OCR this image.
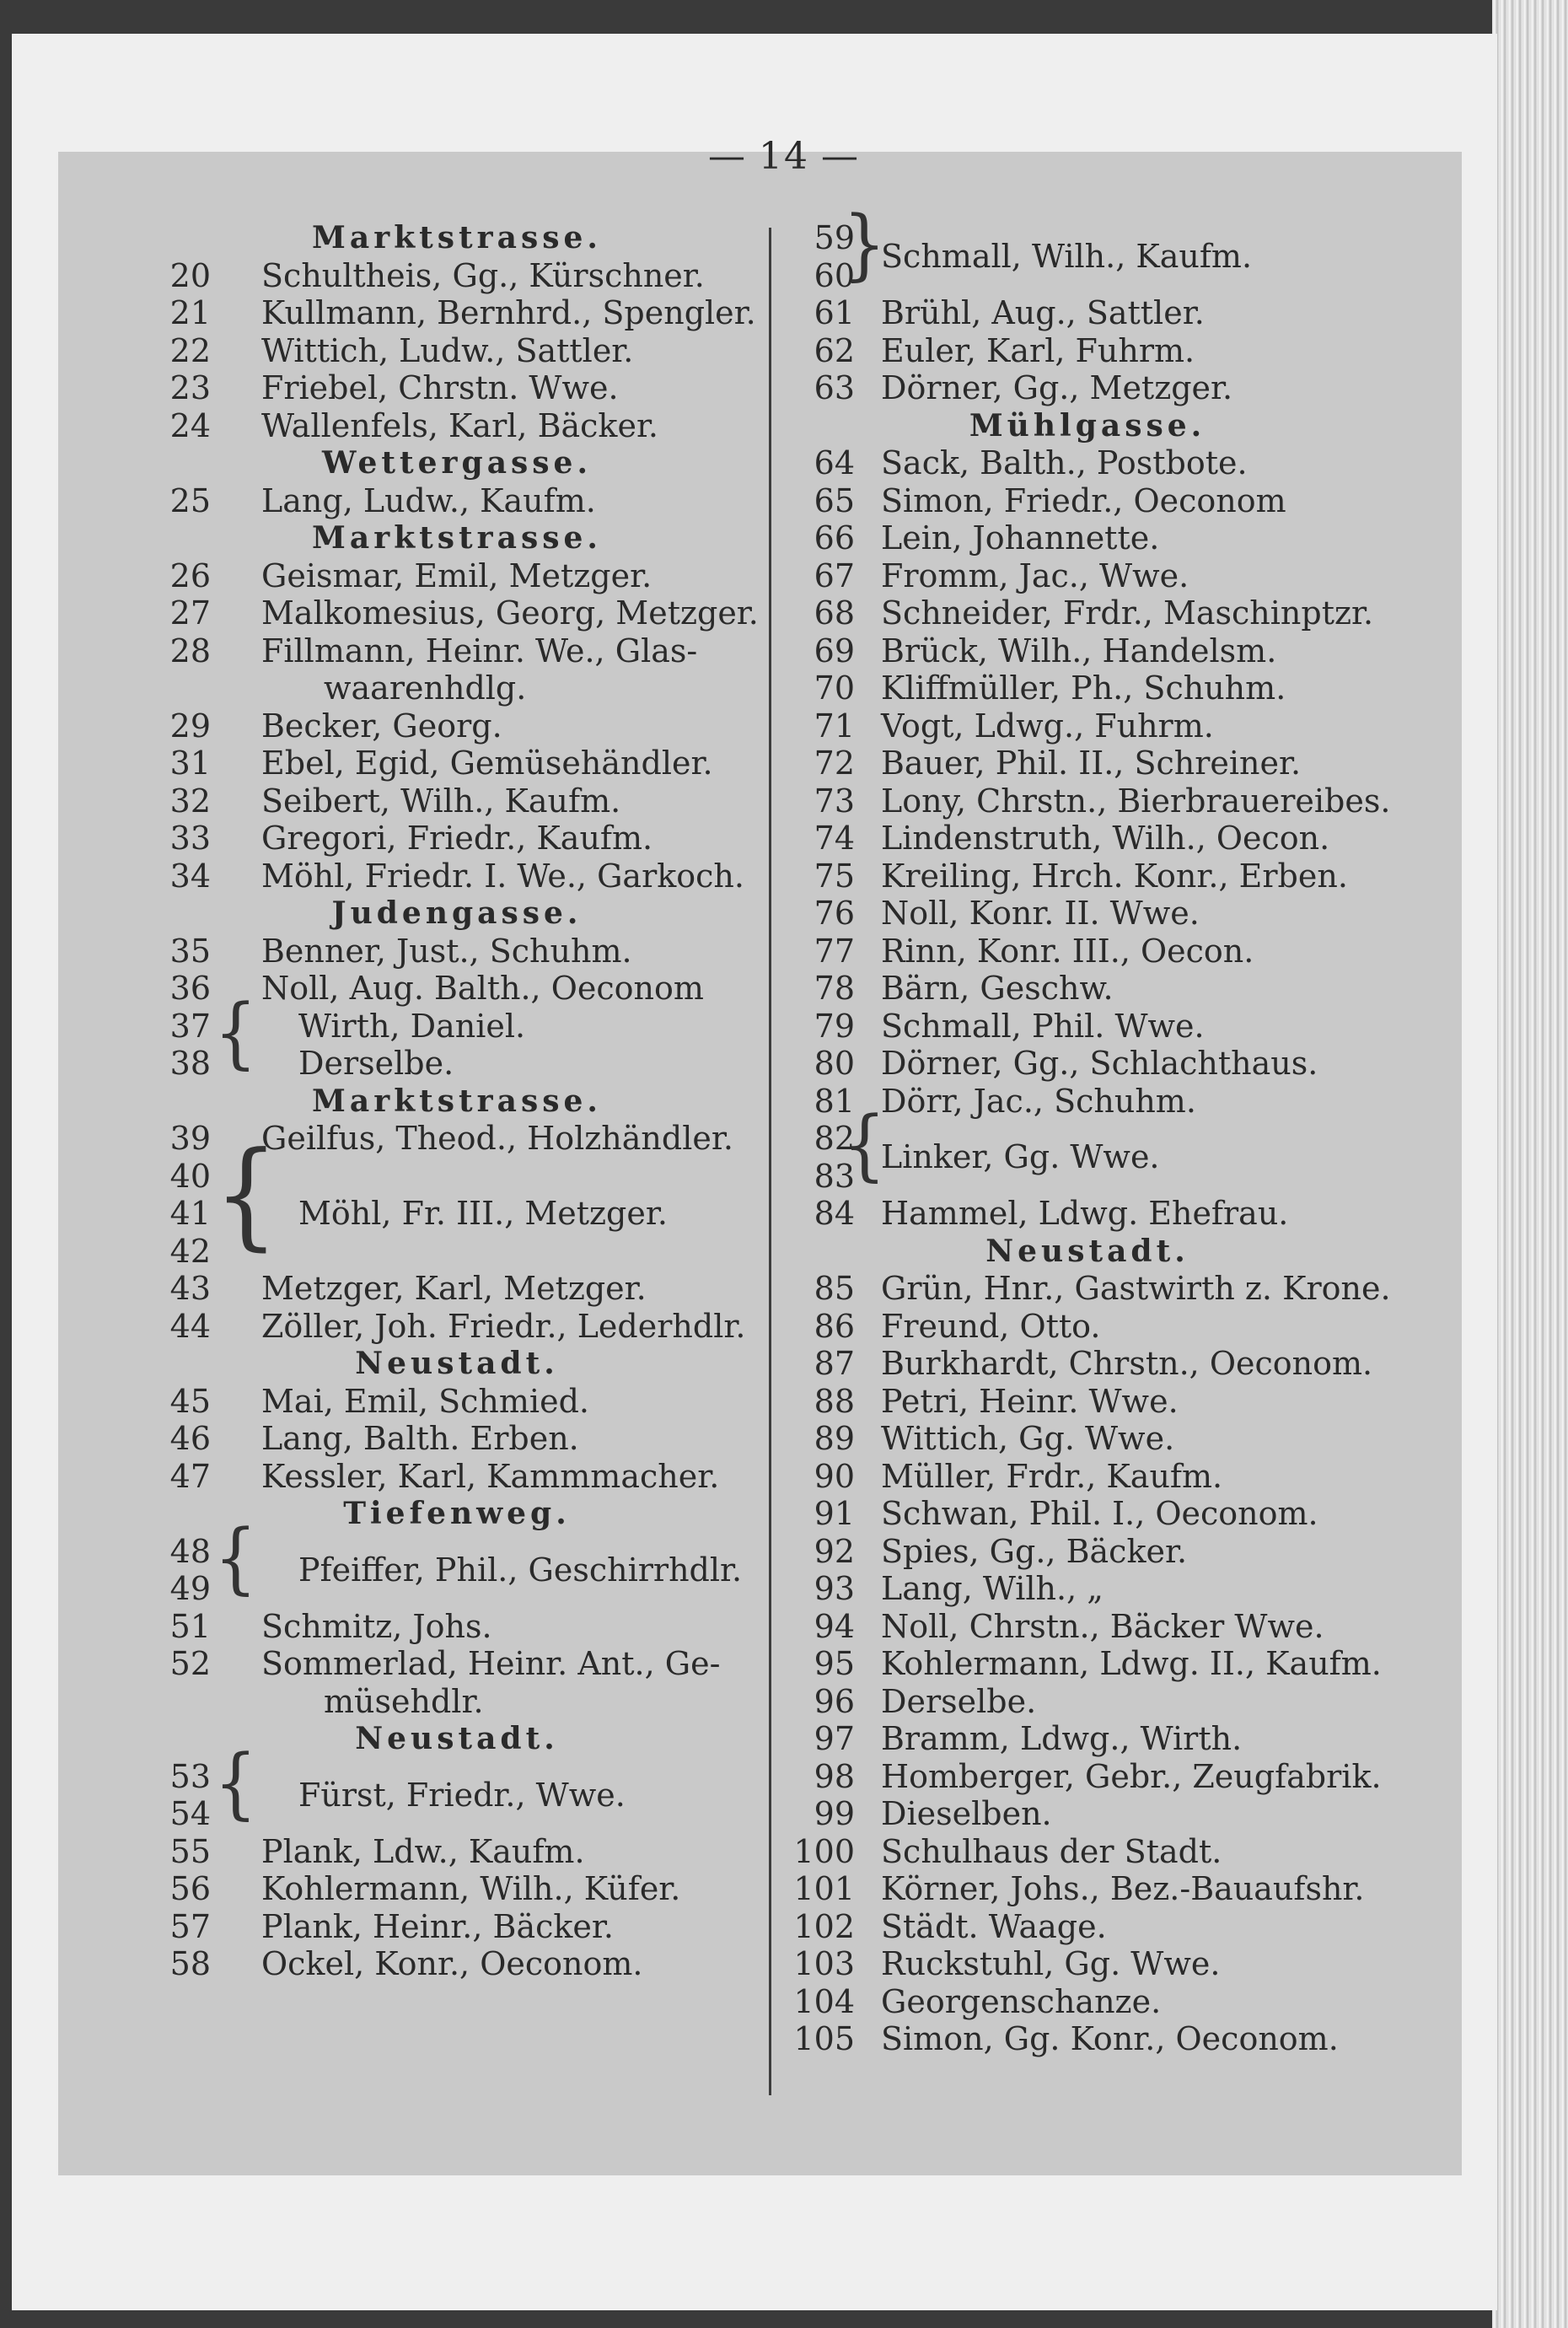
— 14 —
Marktstrasse.
20 Schultheis, Gg., Kürschner.
21 Kullmann, Bernhrd., Spengler.
22 Wittich, Ludw., Sattler.
23 Friebel, Chrstn. Wwe.
24 Wallenfels, Karl, Bäcker.
Wettergasse.
25 Lang, Ludw., Kaufm.
Marktstrasse.
26 Geismar, Emil, Metzger.
27 Malkomesius, Georg, Metzger.
28 Fillmann, Heinr. We., Glas-
waarenhdlg.
29 Becker, Georg.
31 Ebel, Egid, Gemüsehändler.
32 Seibert, Wilh., Kaufm.
33 Gregori, Friedr., Kaufm.
34 Möhl, Friedr. I. We., Garkoch.
Judengasse.
35 Benner, Just., Schuhm.
36 Noll, Aug. Balth., Oeconom
37
38 { Wirth, Daniel.
Derselbe.
Marktstrasse.
39 Geilfus, Theod., Holzhändler.
40
41
42 { Möhl, Fr. III., Metzger.
43 Metzger, Karl, Metzger.
44 Zöller, Joh. Friedr., Lederhdlr.
Neustadt.
45 Mai, Emil, Schmied.
46 Lang, Balth. Erben.
47 Kessler, Karl, Kammmacher.
Tiefenweg.
48
49 { Pfeiffer, Phil., Geschirrhdlr.
51 Schmitz, Johs.
52 Sommerlad, Heinr. Ant., Ge-
müsehdlr.
Neustadt.
53
54 { Fürst, Friedr., Wwe.
55 Plank, Ldw., Kaufm.
56 Kohlermann, Wilh., Küfer.
57 Plank, Heinr., Bäcker.
58 Ockel, Konr., Oeconom.
59
60
}
Schmall, Wilh., Kaufm.
61 Brühl, Aug., Sattler.
62 Euler, Karl, Fuhrm.
63 Dörner, Gg., Metzger.
Mühlgasse.
64 Sack, Balth., Postbote.
65 Simon, Friedr., Oeconom
66 Lein, Johannette.
67 Fromm, Jac., Wwe.
68 Schneider, Frdr., Maschinptzr.
69 Brück, Wilh., Handelsm.
70 Kliffmüller, Ph., Schuhm.
71 Vogt, Ldwg., Fuhrm.
72 Bauer, Phil. II., Schreiner.
73 Lony, Chrstn., Bierbrauereibes.
74 Lindenstruth, Wilh., Oecon.
75 Kreiling, Hrch. Konr., Erben.
76 Noll, Konr. II. Wwe.
77 Rinn, Konr. III., Oecon.
78 Bärn, Geschw.
79 Schmall, Phil. Wwe.
80 Dörner, Gg., Schlachthaus.
81 Dörr, Jac., Schuhm.
82
83
{
Linker, Gg. Wwe.
84 Hammel, Ldwg. Ehefrau.
Neustadt.
85 Grün, Hnr., Gastwirth z. Krone.
86 Freund, Otto.
87 Burkhardt, Chrstn., Oeconom.
88 Petri, Heinr. Wwe.
89 Wittich, Gg. Wwe.
90 Müller, Frdr., Kaufm.
91 Schwan, Phil. I., Oeconom.
92 Spies, Gg., Bäcker.
93 Lang, Wilh., „
94 Noll, Chrstn., Bäcker Wwe.
95 Kohlermann, Ldwg. II., Kaufm.
96 Derselbe.
97 Bramm, Ldwg., Wirth.
98 Homberger, Gebr., Zeugfabrik.
99 Dieselben.
100 Schulhaus der Stadt.
101 Körner, Johs., Bez.-Bauaufshr.
102 Städt. Waage.
103 Ruckstuhl, Gg. Wwe.
104 Georgenschanze.
105 Simon, Gg. Konr., Oeconom.
